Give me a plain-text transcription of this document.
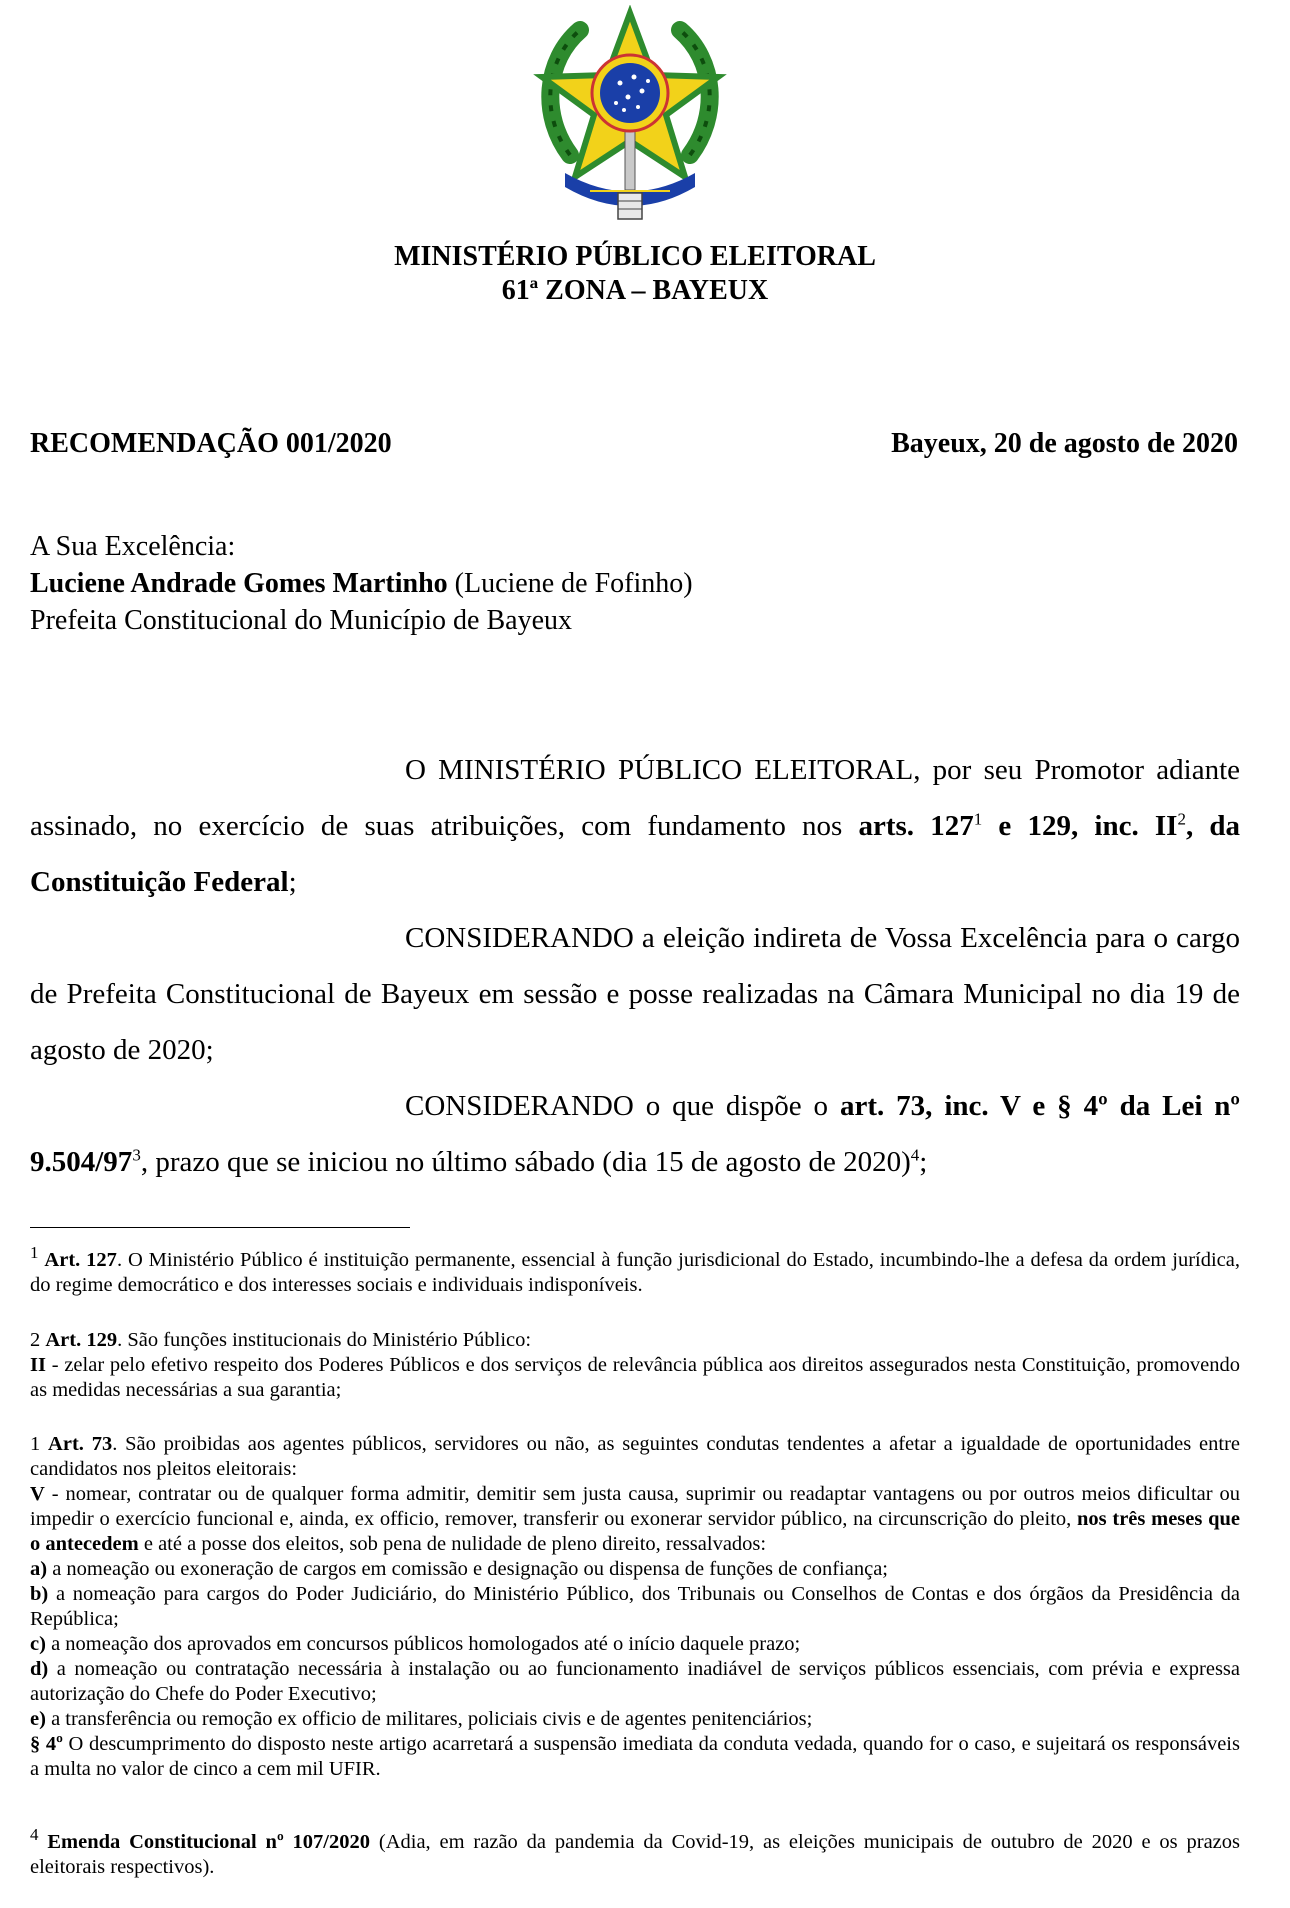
MINISTÉRIO PÚBLICO ELEITORAL
61ª ZONA – BAYEUX
RECOMENDAÇÃO 001/2020	Bayeux, 20 de agosto de 2020
A Sua Excelência:
Luciene Andrade Gomes Martinho (Luciene de Fofinho)
Prefeita Constitucional do Município de Bayeux

O MINISTÉRIO PÚBLICO ELEITORAL, por seu Promotor adiante assinado, no exercício de suas atribuições, com fundamento nos arts. $127^1$ e 129, inc. $II^2$, da Constituição Federal;

CONSIDERANDO a eleição indireta de Vossa Excelência para o cargo de Prefeita Constitucional de Bayeux em sessão e posse realizadas na Câmara Municipal no dia 19 de agosto de 2020;

CONSIDERANDO o que dispõe o art. 73, inc. V e § 4º da Lei nº $9.504/97^3$, prazo que se iniciou no último sábado (dia 15 de agosto de 2020)$^4$;

$^1$ Art. 127. O Ministério Público é instituição permanente, essencial à função jurisdicional do Estado, incumbindo-lhe a defesa da ordem jurídica, do regime democrático e dos interesses sociais e individuais indisponíveis.

2 Art. 129. São funções institucionais do Ministério Público:

II - zelar pelo efetivo respeito dos Poderes Públicos e dos serviços de relevância pública aos direitos assegurados nesta Constituição, promovendo as medidas necessárias a sua garantia;

1 Art. 73. São proibidas aos agentes públicos, servidores ou não, as seguintes condutas tendentes a afetar a igualdade de oportunidades entre candidatos nos pleitos eleitorais:

V - nomear, contratar ou de qualquer forma admitir, demitir sem justa causa, suprimir ou readaptar vantagens ou por outros meios dificultar ou impedir o exercício funcional e, ainda, ex officio, remover, transferir ou exonerar servidor público, na circunscrição do pleito, nos três meses que o antecedem e até a posse dos eleitos, sob pena de nulidade de pleno direito, ressalvados:

a) a nomeação ou exoneração de cargos em comissão e designação ou dispensa de funções de confiança;

b) a nomeação para cargos do Poder Judiciário, do Ministério Público, dos Tribunais ou Conselhos de Contas e dos órgãos da Presidência da República;

c) a nomeação dos aprovados em concursos públicos homologados até o início daquele prazo;

d) a nomeação ou contratação necessária à instalação ou ao funcionamento inadiável de serviços públicos essenciais, com prévia e expressa autorização do Chefe do Poder Executivo;

e) a transferência ou remoção ex officio de militares, policiais civis e de agentes penitenciários;

§ 4º O descumprimento do disposto neste artigo acarretará a suspensão imediata da conduta vedada, quando for o caso, e sujeitará os responsáveis a multa no valor de cinco a cem mil UFIR.

$^4$ Emenda Constitucional nº 107/2020 (Adia, em razão da pandemia da Covid-19, as eleições municipais de outubro de 2020 e os prazos eleitorais respectivos).
